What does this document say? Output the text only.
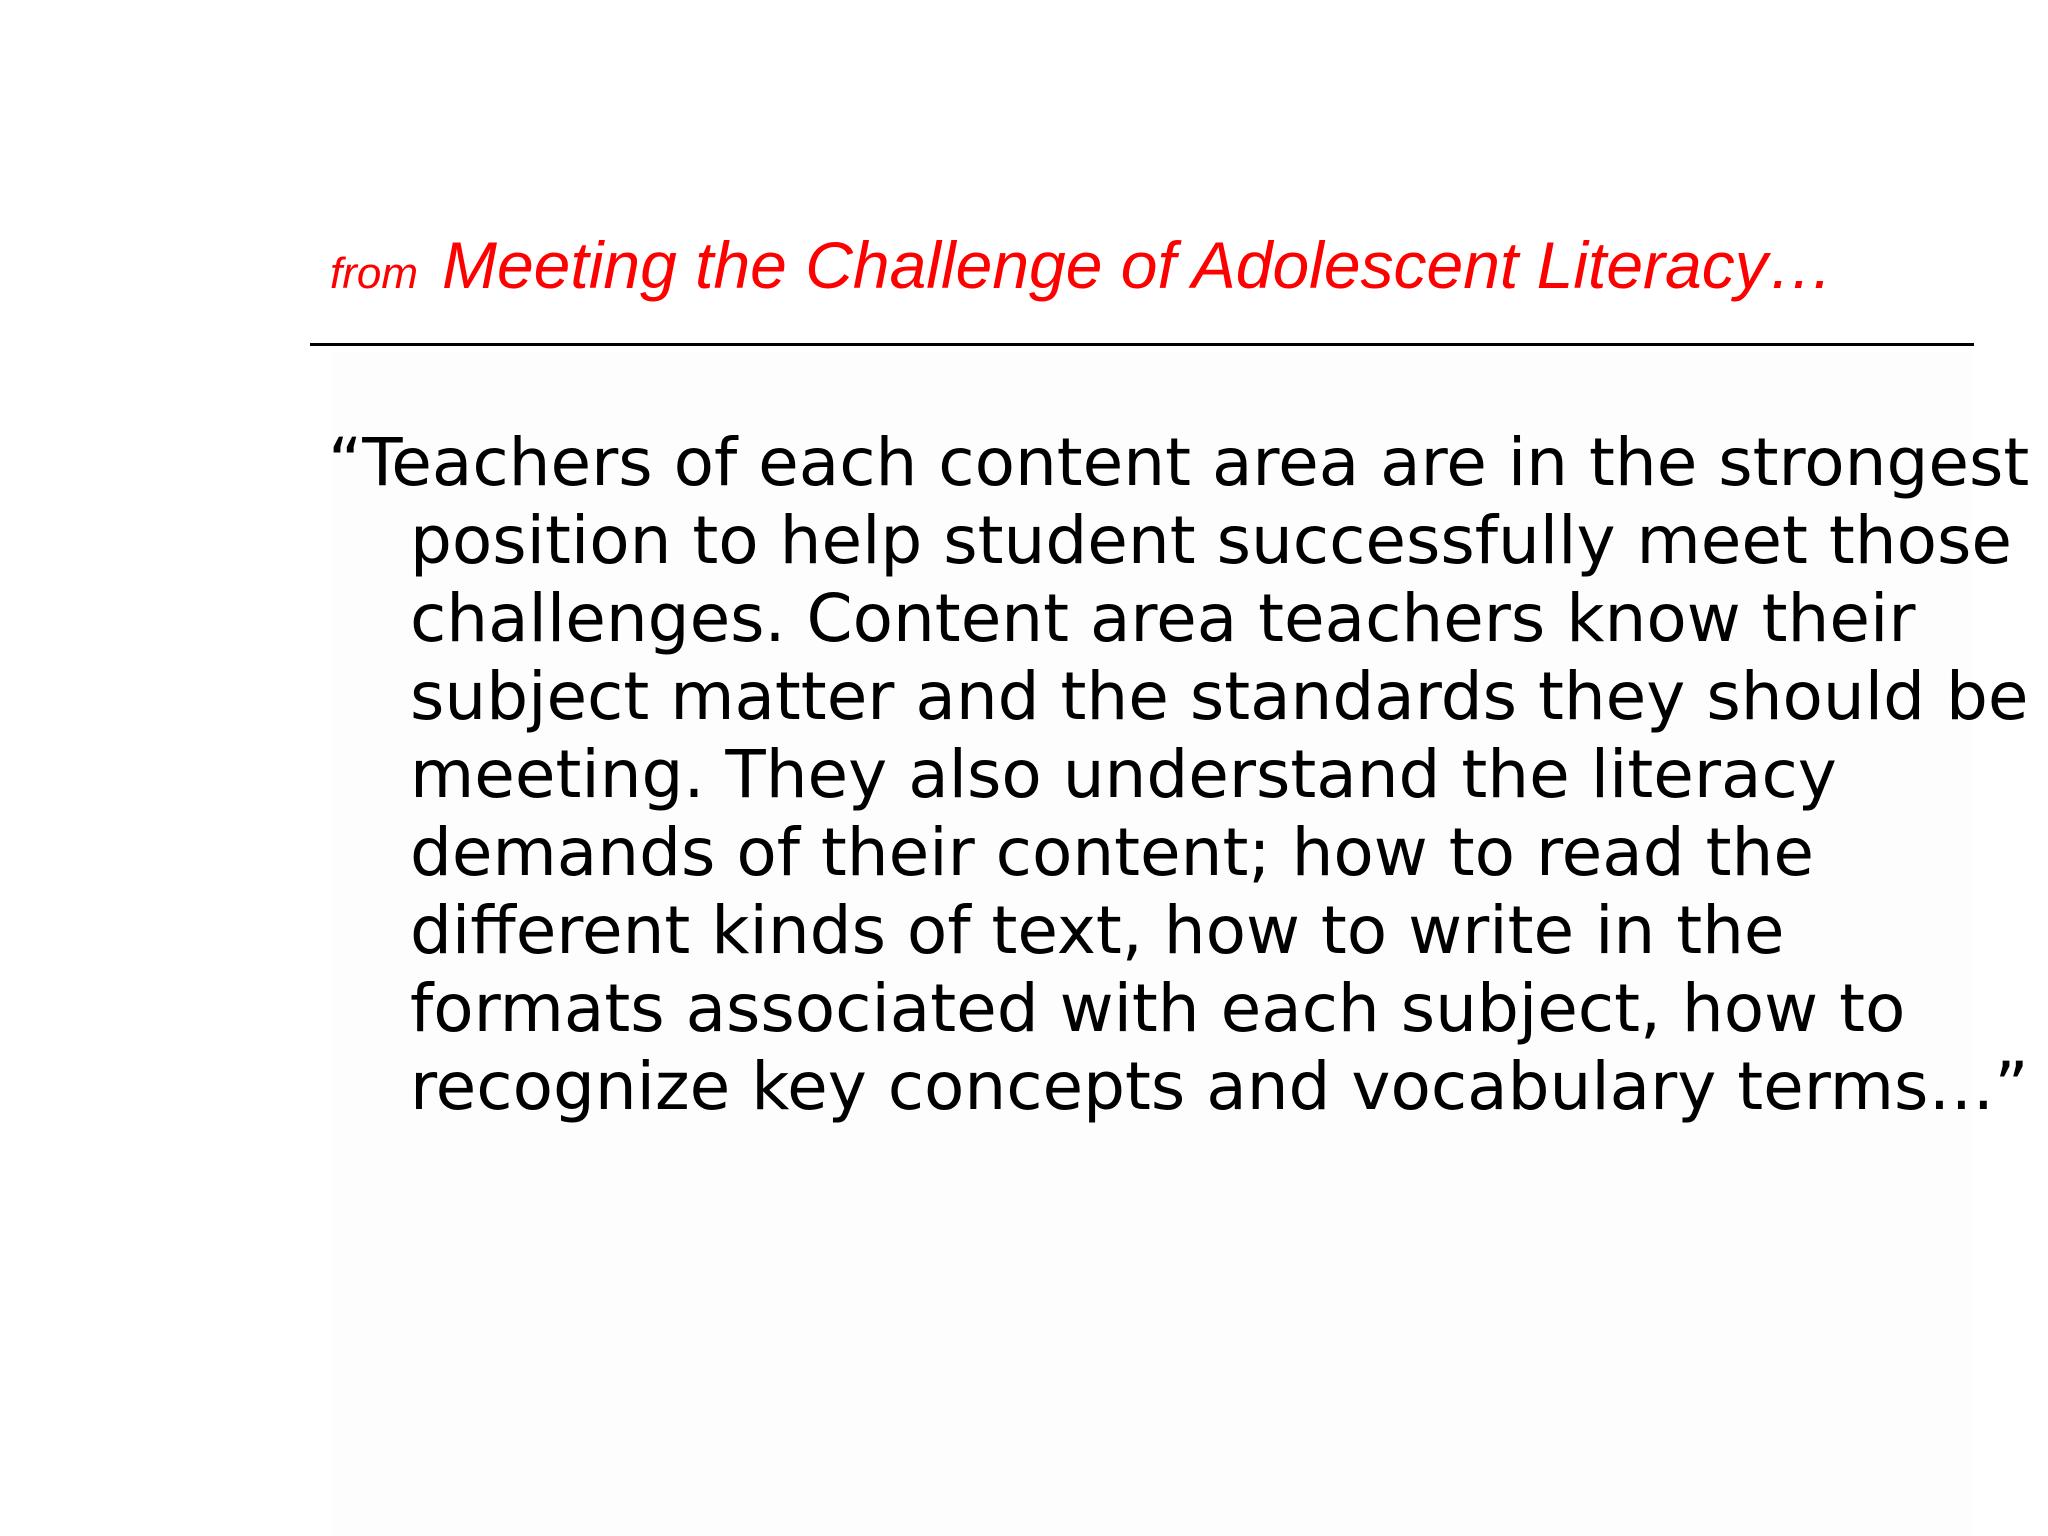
from Meeting the Challenge of Adolescent Literacy…

“Teachers of each content area are in the strongest position to help student successfully meet those challenges. Content area teachers know their subject matter and the standards they should be meeting. They also understand the literacy demands of their content; how to read the different kinds of text, how to write in the formats associated with each subject, how to recognize key concepts and vocabulary terms…”
